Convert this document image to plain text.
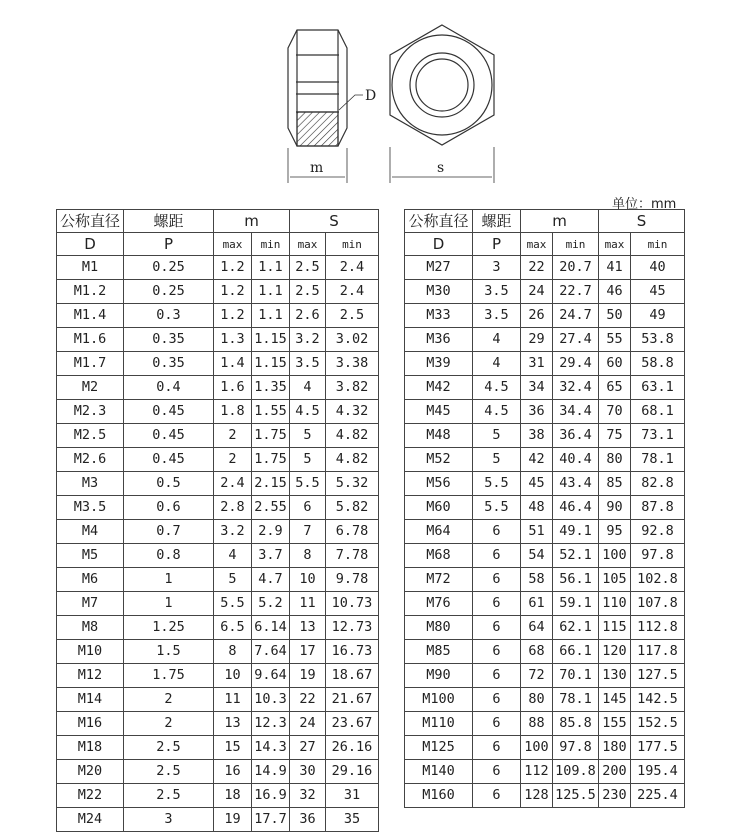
D
m	s
单位：mm
公称直径	螺距	m		S	
D	P				
		max	min	max	min
M1	0.25	1.2	1.1	2.5	2.4
M1.2	0.25	1.2	1.1	2.5	2.4
M1.4	0.3	1.2	1.1	2.6	2.5
M1.6	0.35	1.3	1.15	3.2	3.02
M1.7	0.35	1.4	1.15	3.5	3.38
M2	0.4	1.6	1.35	4	3.82
M2.3	0.45	1.8	1.55	4.5	4.32
M2.5	0.45	2	1.75	5	4.82
M2.6	0.45	2	1.75	5	4.82
M3	0.5	2.4	2.15	5.5	5.32
M3.5	0.6	2.8	2.55	6	5.82
M4	0.7	3.2	2.9	7	6.78
M5	0.8	4	3.7	8	7.78
M6	1	5	4.7	10	9.78
M7	1	5.5	5.2	11	10.73
M8	1.25	6.5	6.14	13	12.73
M10	1.5	8	7.64	17	16.73
M12	1.75	10	9.64	19	18.67
M14	2	11	10.3	22	21.67
M16	2	13	12.3	24	23.67
M18	2.5	15	14.3	27	26.16
M20	2.5	16	14.9	30	29.16
M22	2.5	18	16.9	32	31
M24	3	19	17.7	36	35
公称直径	螺距	m		S	
D	P				
		max	min	max	min
M27	3	22	20.7	41	40
M30	3.5	24	22.7	46	45
M33	3.5	26	24.7	50	49
M36	4	29	27.4	55	53.8
M39	4	31	29.4	60	58.8
M42	4.5	34	32.4	65	63.1
M45	4.5	36	34.4	70	68.1
M48	5	38	36.4	75	73.1
M52	5	42	40.4	80	78.1
M56	5.5	45	43.4	85	82.8
M60	5.5	48	46.4	90	87.8
M64	6	51	49.1	95	92.8
M68	6	54	52.1	100	97.8
M72	6	58	56.1	105	102.8
M76	6	61	59.1	110	107.8
M80	6	64	62.1	115	112.8
M85	6	68	66.1	120	117.8
M90	6	72	70.1	130	127.5
M100	6	80	78.1	145	142.5
M110	6	88	85.8	155	152.5
M125	6	100	97.8	180	177.5
M140	6	112	109.8	200	195.4
M160	6	128	125.5	230	225.4
